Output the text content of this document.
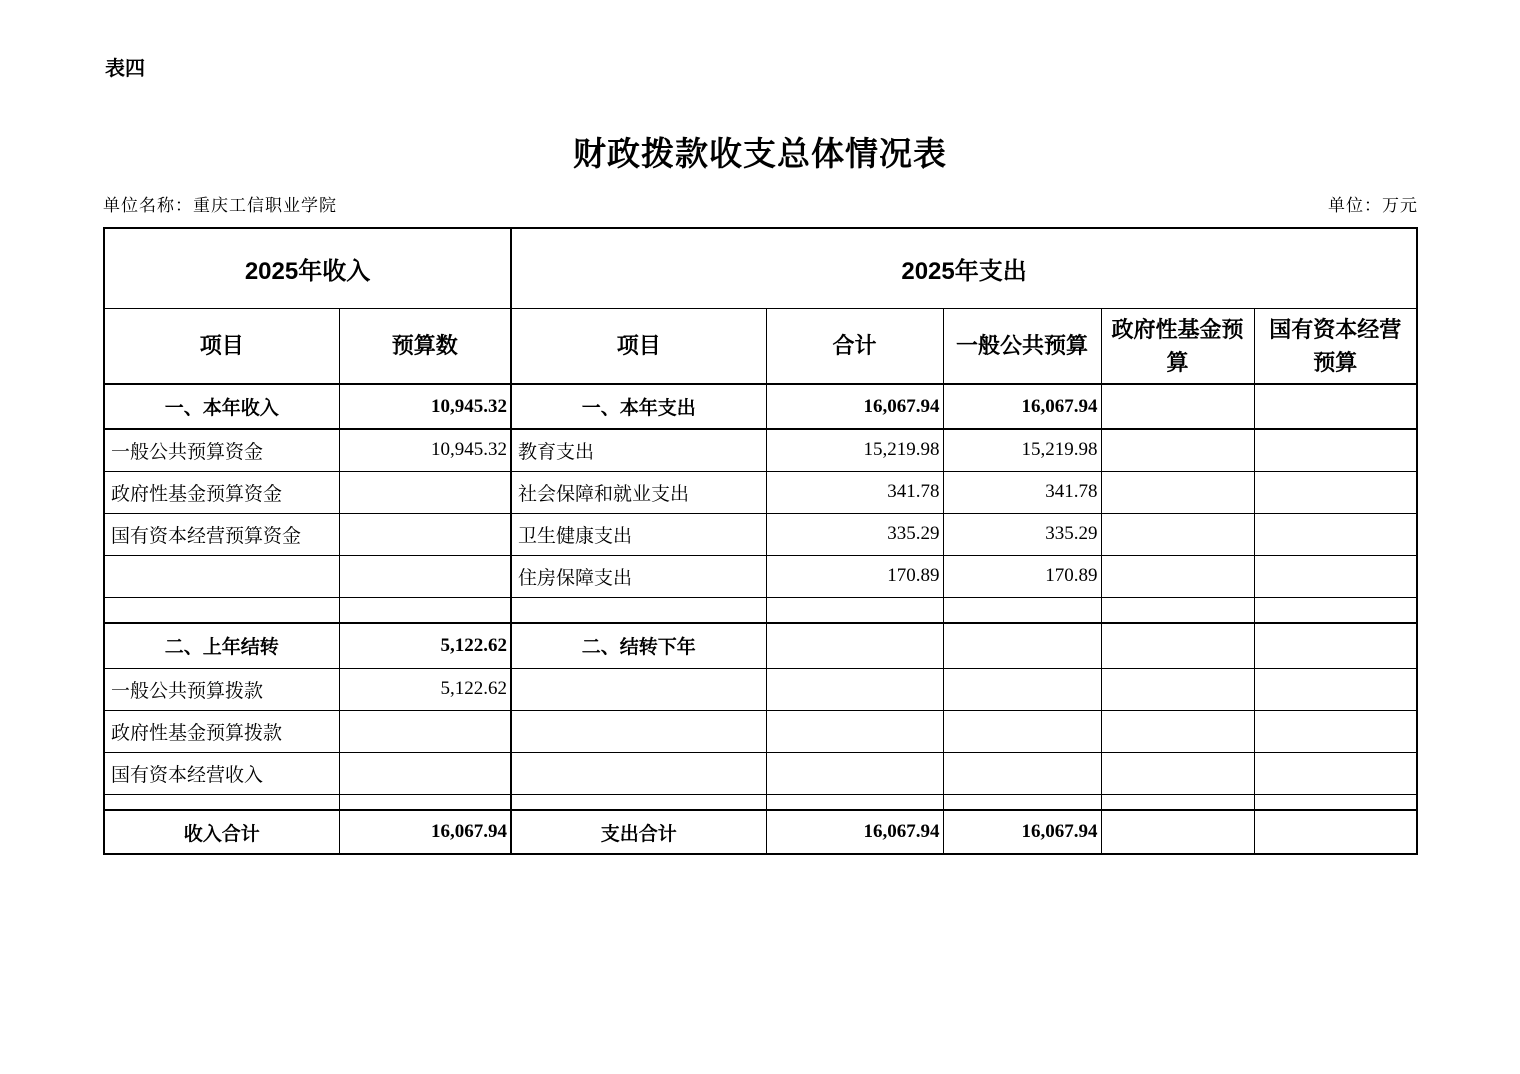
表四
财政拨款收支总体情况表
单位名称：重庆工信职业学院	单位：万元
2025年收入		2025年支出				
项目	预算数	项目	合计	一般公共预算	政府性基金预算	国有资本经营预算
一、本年收入	10,945.32	一、本年支出	16,067.94	16,067.94		
一般公共预算资金	10,945.32	教育支出	15,219.98	15,219.98		
政府性基金预算资金		社会保障和就业支出	341.78	341.78		
国有资本经营预算资金		卫生健康支出	335.29	335.29		
		住房保障支出	170.89	170.89		

二、上年结转	5,122.62	二、结转下年				
一般公共预算拨款	5,122.62					
政府性基金预算拨款						
国有资本经营收入						

收入合计	16,067.94	支出合计	16,067.94	16,067.94		
